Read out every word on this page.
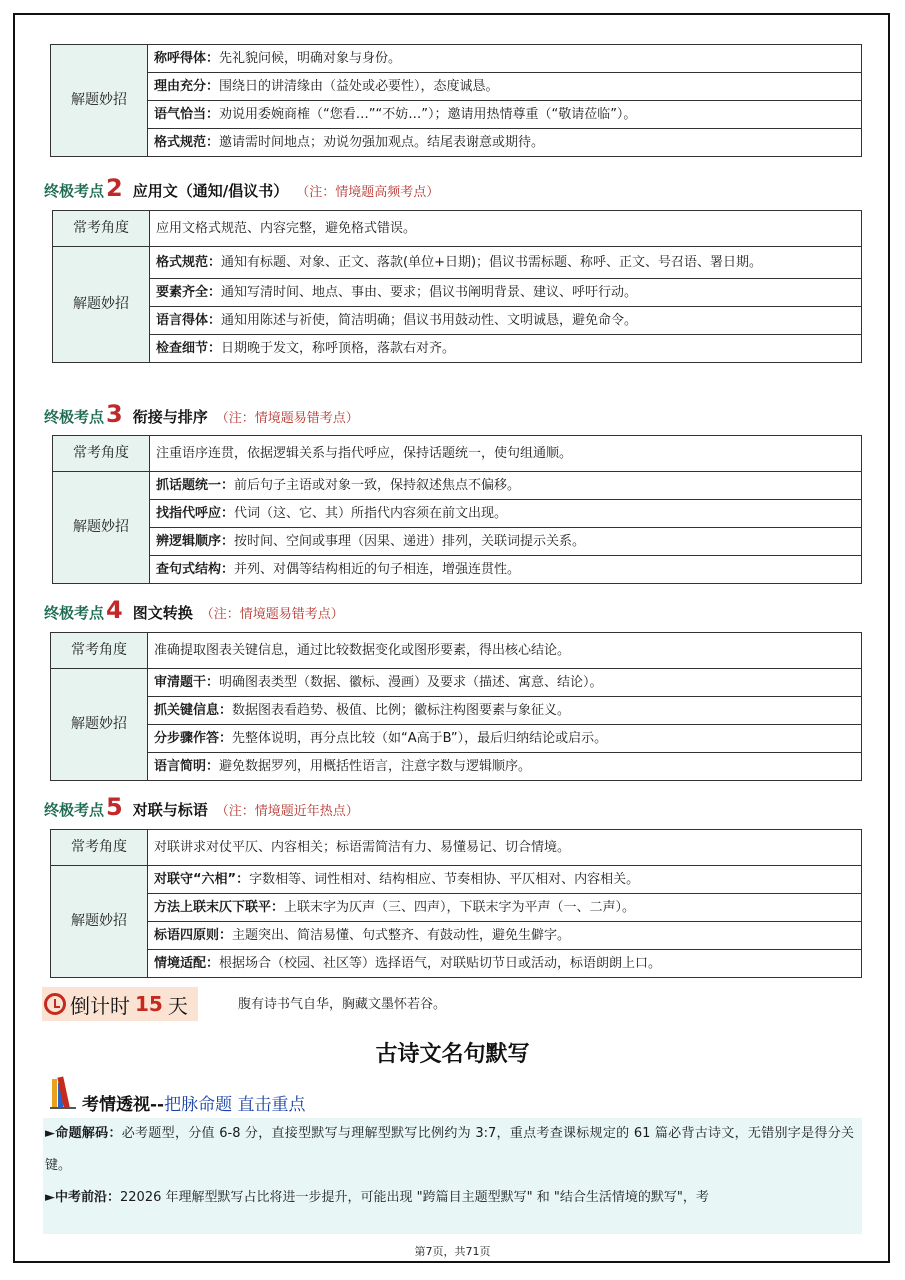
解题妙招	称呼得体：先礼貌问候，明确对象与身份。
理由充分：围绕日的讲清缘由（益处或必要性），态度诚恳。
语气恰当：劝说用委婉商榷（“您看…”“不妨…”）；邀请用热情尊重（“敬请莅临”）。
格式规范：邀请需时间地点；劝说勿强加观点。结尾表谢意或期待。
终极考点 2 应用文（通知/倡议书） （注：情境题高频考点）
常考角度	应用文格式规范、内容完整，避免格式错误。
解题妙招	格式规范：通知有标题、对象、正文、落款(单位+日期)；倡议书需标题、称呼、正文、号召语、署日期。
	要素齐全：通知写清时间、地点、事由、要求；倡议书阐明背景、建议、呼吁行动。
	语言得体：通知用陈述与祈使，简洁明确；倡议书用鼓动性、文明诚恳，避免命令。
	检查细节：日期晚于发文，称呼顶格，落款右对齐。
终极考点 3 衔接与排序 （注：情境题易错考点）
常考角度	注重语序连贯，依据逻辑关系与指代呼应，保持话题统一，使句组通顺。
解题妙招	抓话题统一：前后句子主语或对象一致，保持叙述焦点不偏移。
	找指代呼应：代词（这、它、其）所指代内容须在前文出现。
	辨逻辑顺序：按时间、空间或事理（因果、递进）排列，关联词提示关系。
	查句式结构：并列、对偶等结构相近的句子相连，增强连贯性。
终极考点 4 图文转换 （注：情境题易错考点）
常考角度	准确提取图表关键信息，通过比较数据变化或图形要素，得出核心结论。
解题妙招	审清题干：明确图表类型（数据、徽标、漫画）及要求（描述、寓意、结论）。
	抓关键信息：数据图表看趋势、极值、比例；徽标注构图要素与象征义。
	分步骤作答：先整体说明，再分点比较（如“A高于B”），最后归纳结论或启示。
	语言简明：避免数据罗列，用概括性语言，注意字数与逻辑顺序。
终极考点 5 对联与标语 （注：情境题近年热点）
常考角度	对联讲求对仗平仄、内容相关；标语需简洁有力、易懂易记、切合情境。
解题妙招	对联守“六相”：字数相等、词性相对、结构相应、节奏相协、平仄相对、内容相关。
	方法上联末仄下联平：上联末字为仄声（三、四声），下联末字为平声（一、二声）。
	标语四原则：主题突出、简洁易懂、句式整齐、有鼓动性，避免生僻字。
	情境适配：根据场合（校园、社区等）选择语气，对联贴切节日或活动，标语朗朗上口。
倒计时 15 天	腹有诗书气自华，胸藏文墨怀若谷。
古诗文名句默写
考情透视--把脉命题 直击重点

►命题解码：必考题型，分值 6-8 分，直接型默写与理解型默写比例约为 3:7，重点考查课标规定的 61 篇必背古诗文，无错别字是得分关键。

►中考前沿：22026 年理解型默写占比将进一步提升，可能出现 "跨篇目主题型默写" 和 "结合生活情境的默写"，考

第7页，共71页
